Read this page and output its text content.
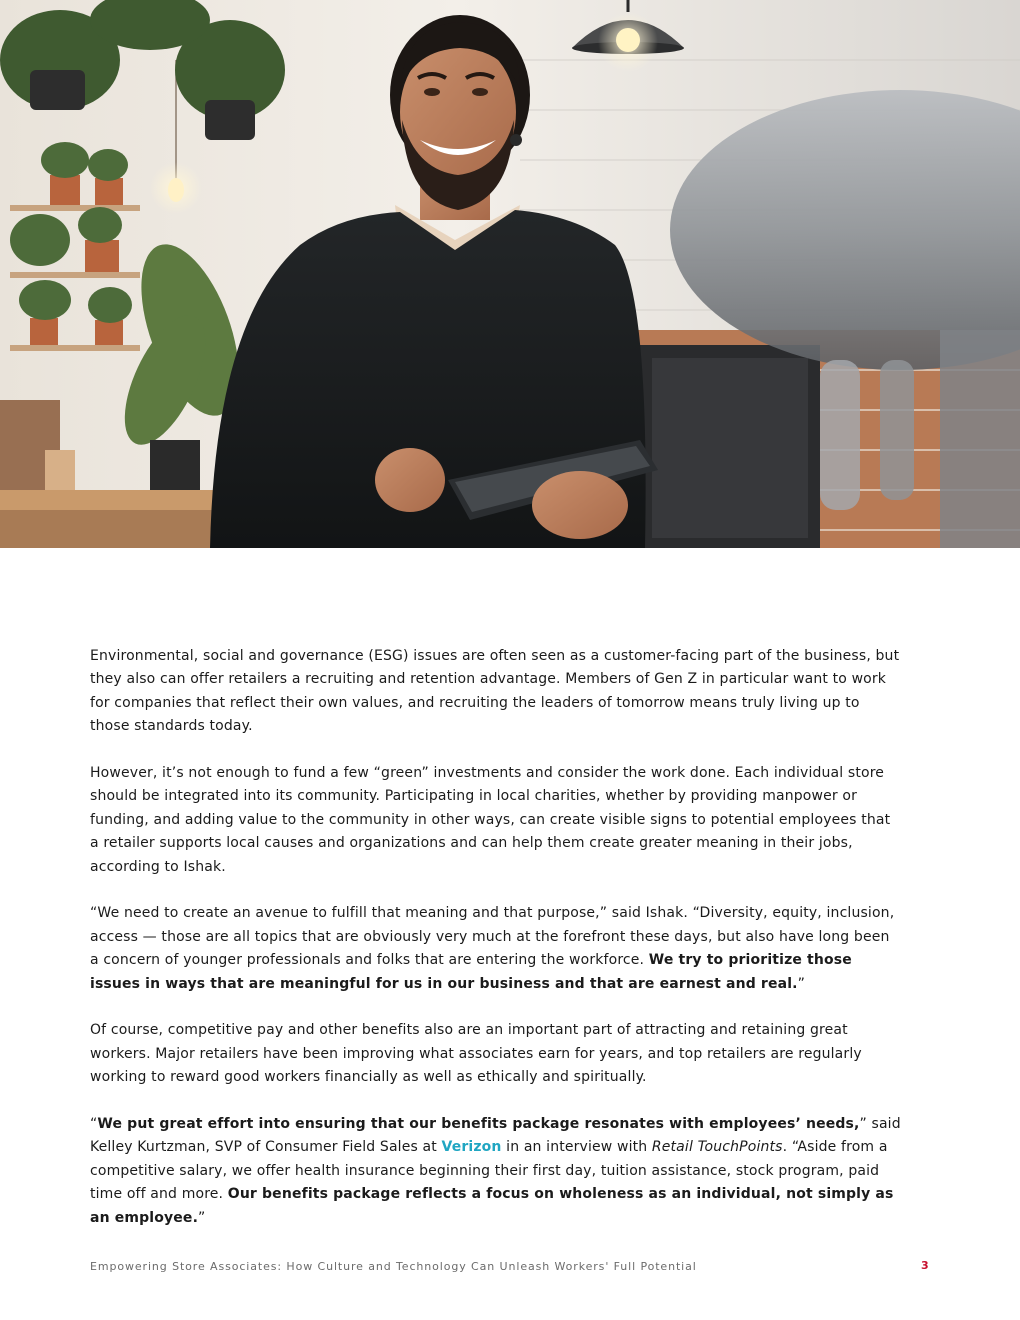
Environmental, social and governance (ESG) issues are often seen as a customer-facing part of the business, but they also can offer retailers a recruiting and retention advantage. Members of Gen Z in particular want to work for companies that reflect their own values, and recruiting the leaders of tomorrow means truly living up to those standards today.

However, it’s not enough to fund a few “green” investments and consider the work done. Each individual store should be integrated into its community. Participating in local charities, whether by providing manpower or funding, and adding value to the community in other ways, can create visible signs to potential employees that a retailer supports local causes and organizations and can help them create greater meaning in their jobs, according to Ishak.

“We need to create an avenue to fulfill that meaning and that purpose,” said Ishak. “Diversity, equity, inclusion, access — those are all topics that are obviously very much at the forefront these days, but also have long been a concern of younger professionals and folks that are entering the workforce. We try to prioritize those issues in ways that are meaningful for us in our business and that are earnest and real.”

Of course, competitive pay and other benefits also are an important part of attracting and retaining great workers. Major retailers have been improving what associates earn for years, and top retailers are regularly working to reward good workers financially as well as ethically and spiritually.

“We put great effort into ensuring that our benefits package resonates with employees’ needs,” said Kelley Kurtzman, SVP of Consumer Field Sales at Verizon in an interview with Retail TouchPoints. “Aside from a competitive salary, we offer health insurance beginning their first day, tuition assistance, stock program, paid time off and more. Our benefits package reflects a focus on wholeness as an individual, not simply as an employee.”

Empowering Store Associates: How Culture and Technology Can Unleash Workers' Full Potential	3
